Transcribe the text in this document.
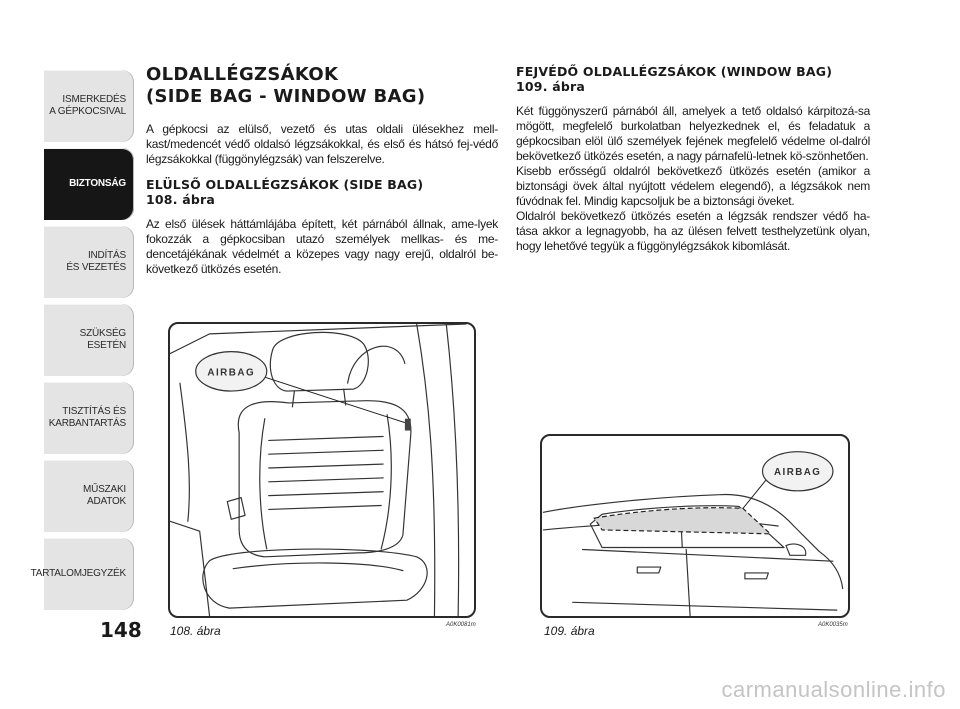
ISMERKEDÉS
A GÉPKOCSIVAL
BIZTONSÁG
INDÍTÁS
ÉS VEZETÉS
SZÜKSÉG
ESETÉN
TISZTÍTÁS ÉS
KARBANTARTÁS
MŰSZAKI
ADATOK
TARTALOMJEGYZÉK
148
OLDALLÉGZSÁKOK
(SIDE BAG - WINDOW BAG)

A gépkocsi az elülső, vezető és utas oldali ülésekhez mell-kast/medencét védő oldalsó légzsákokkal, és első és hátsó fej-védő légzsákokkal (függönylégzsák) van felszerelve.

ELÜLSŐ OLDALLÉGZSÁKOK (SIDE BAG)
108. ábra

Az első ülések háttámlájába épített, két párnából állnak, ame-lyek fokozzák a gépkocsiban utazó személyek mellkas- és me-dencetájékának védelmét a közepes vagy nagy erejű, oldalról be-következő ütközés esetén.

FEJVÉDŐ OLDALLÉGZSÁKOK (WINDOW BAG)
109. ábra

Két függönyszerű párnából áll, amelyek a tető oldalsó kárpitozá-sa mögött, megfelelő burkolatban helyezkednek el, és feladatuk a gépkocsiban elöl ülő személyek fejének megfelelő védelme ol-dalról bekövetkező ütközés esetén, a nagy párnafelü-letnek kö-szönhetően.

Kisebb erősségű oldalról bekövetkező ütközés esetén (amikor a biztonsági övek által nyújtott védelem elegendő), a légzsákok nem fúvódnak fel. Mindig kapcsoljuk be a biztonsági öveket.

Oldalról bekövetkező ütközés esetén a légzsák rendszer védő ha-tása akkor a legnagyobb, ha az ülésen felvett testhelyzetünk olyan, hogy lehetővé tegyük a függönylégzsákok kibomlását.

AIRBAG
108. ábra	A0K0081m
AIRBAG
109. ábra	A0K0035m
carmanualsonline.info
